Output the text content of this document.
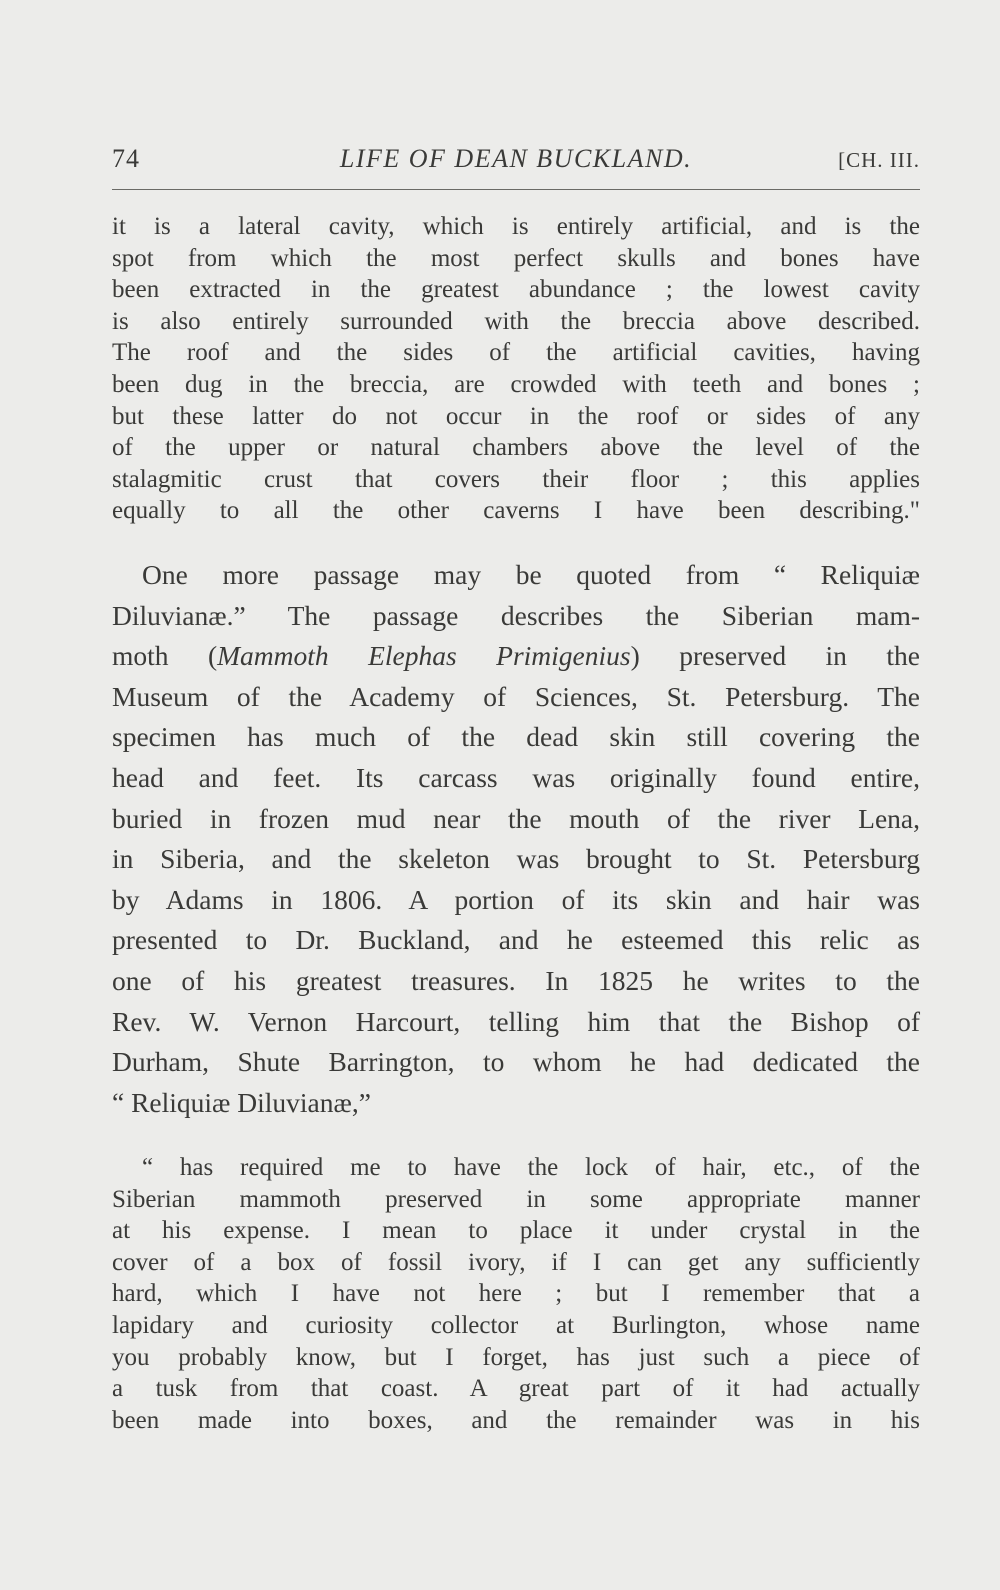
74	LIFE OF DEAN BUCKLAND.	[CH. III.
it is a lateral cavity, which is entirely artificial, and is the
spot from which the most perfect skulls and bones have
been extracted in the greatest abundance ; the lowest cavity
is also entirely surrounded with the breccia above described.
The roof and the sides of the artificial cavities, having
been dug in the breccia, are crowded with teeth and bones ;
but these latter do not occur in the roof or sides of any
of the upper or natural chambers above the level of the
stalagmitic crust that covers their floor ; this applies
equally to all the other caverns I have been describing."
One more passage may be quoted from “ Reliquiæ
Diluvianæ.” The passage describes the Siberian mam-
moth (Mammoth Elephas Primigenius) preserved in the
Museum of the Academy of Sciences, St. Petersburg. The
specimen has much of the dead skin still covering the
head and feet. Its carcass was originally found entire,
buried in frozen mud near the mouth of the river Lena,
in Siberia, and the skeleton was brought to St. Petersburg
by Adams in 1806. A portion of its skin and hair was
presented to Dr. Buckland, and he esteemed this relic as
one of his greatest treasures. In 1825 he writes to the
Rev. W. Vernon Harcourt, telling him that the Bishop of
Durham, Shute Barrington, to whom he had dedicated the
“ Reliquiæ Diluvianæ,”
“ has required me to have the lock of hair, etc., of the
Siberian mammoth preserved in some appropriate manner
at his expense. I mean to place it under crystal in the
cover of a box of fossil ivory, if I can get any sufficiently
hard, which I have not here ; but I remember that a
lapidary and curiosity collector at Burlington, whose name
you probably know, but I forget, has just such a piece of
a tusk from that coast. A great part of it had actually
been made into boxes, and the remainder was in his
